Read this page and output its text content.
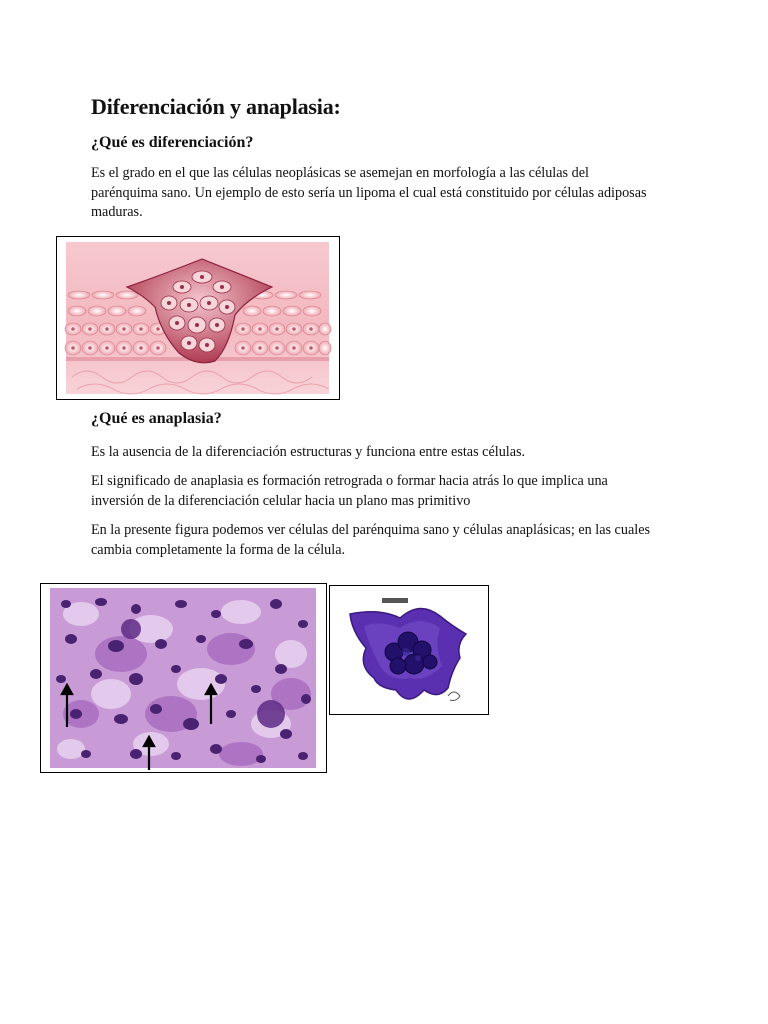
Diferenciación y anaplasia:
¿Qué es diferenciación?

Es el grado en el que las células neoplásicas se asemejan en morfología a las células del parénquima sano. Un ejemplo de esto sería un lipoma el cual está constituido por células adiposas maduras.

¿Qué es anaplasia?

Es la ausencia de la diferenciación estructuras y funciona entre estas células.

El significado de anaplasia es formación retrograda o formar hacia atrás lo que implica una inversión de la diferenciación celular hacia un plano mas primitivo

En la presente figura podemos ver células del parénquima sano y células anaplásicas; en las cuales cambia completamente la forma de la célula.
